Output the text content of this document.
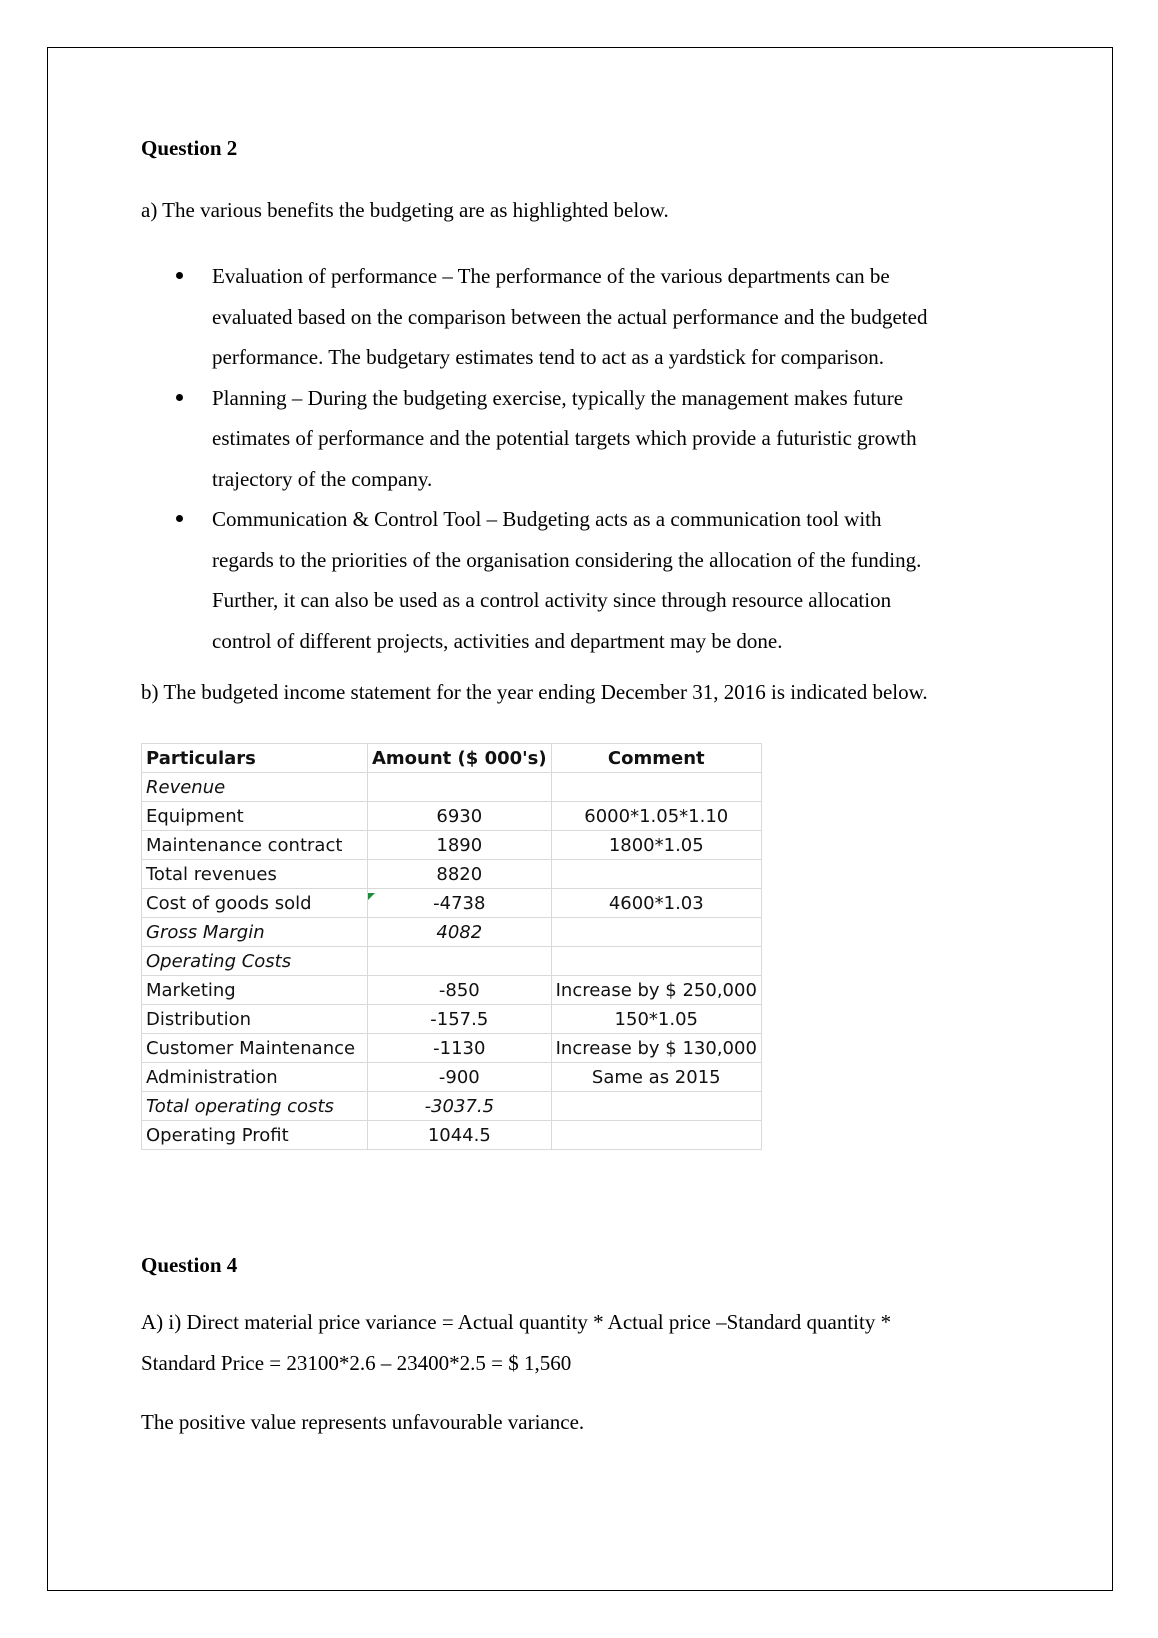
Question 2
a) The various benefits the budgeting are as highlighted below.
Evaluation of performance – The performance of the various departments can be
evaluated based on the comparison between the actual performance and the budgeted
performance. The budgetary estimates tend to act as a yardstick for comparison.
Planning – During the budgeting exercise, typically the management makes future
estimates of performance and the potential targets which provide a futuristic growth
trajectory of the company.
Communication & Control Tool – Budgeting acts as a communication tool with
regards to the priorities of the organisation considering the allocation of the funding.
Further, it can also be used as a control activity since through resource allocation
control of different projects, activities and department may be done.
b) The budgeted income statement for the year ending December 31, 2016 is indicated below.
Question 4
A) i) Direct material price variance = Actual quantity * Actual price –Standard quantity *
Standard Price = 23100*2.6 – 23400*2.5 = $ 1,560
The positive value represents unfavourable variance.
Particulars	Amount ($ 000's)	Comment
Revenue		
Equipment	6930	6000*1.05*1.10
Maintenance contract	1890	1800*1.05
Total revenues	8820	
Cost of goods sold	-4738	4600*1.03
Gross Margin	4082	
Operating Costs		
Marketing	-850	Increase by $ 250,000
Distribution	-157.5	150*1.05
Customer Maintenance	-1130	Increase by $ 130,000
Administration	-900	Same as 2015
Total operating costs	-3037.5	
Operating Profit	1044.5	
